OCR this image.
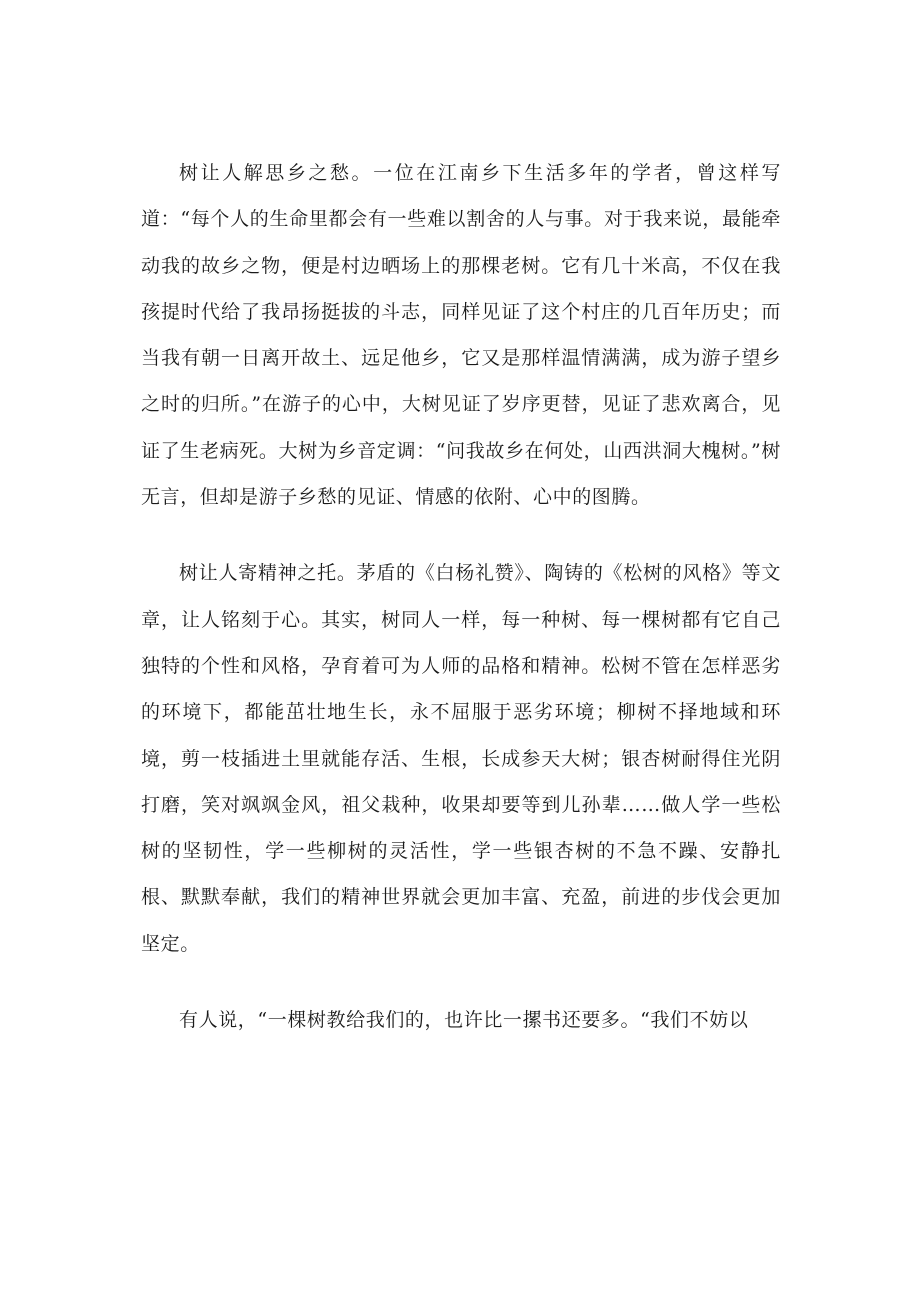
树让人解思乡之愁。一位在江南乡下生活多年的学者，曾这样写道：“每个人的生命里都会有一些难以割舍的人与事。对于我来说，最能牵动我的故乡之物，便是村边晒场上的那棵老树。它有几十米高，不仅在我孩提时代给了我昂扬挺拔的斗志，同样见证了这个村庄的几百年历史；而当我有朝一日离开故土、远足他乡，它又是那样温情满满，成为游子望乡之时的归所。”在游子的心中，大树见证了岁序更替，见证了悲欢离合，见证了生老病死。大树为乡音定调：“问我故乡在何处，山西洪洞大槐树。”树无言，但却是游子乡愁的见证、情感的依附、心中的图腾。

树让人寄精神之托。茅盾的《白杨礼赞》、陶铸的《松树的风格》等文章，让人铭刻于心。其实，树同人一样，每一种树、每一棵树都有它自己独特的个性和风格，孕育着可为人师的品格和精神。松树不管在怎样恶劣的环境下，都能茁壮地生长，永不屈服于恶劣环境；柳树不择地域和环境，剪一枝插进土里就能存活、生根，长成参天大树；银杏树耐得住光阴打磨，笑对飒飒金风，祖父栽种，收果却要等到儿孙辈……做人学一些松树的坚韧性，学一些柳树的灵活性，学一些银杏树的不急不躁、安静扎根、默默奉献，我们的精神世界就会更加丰富、充盈，前进的步伐会更加坚定。

有人说，“一棵树教给我们的，也许比一摞书还要多。“我们不妨以
